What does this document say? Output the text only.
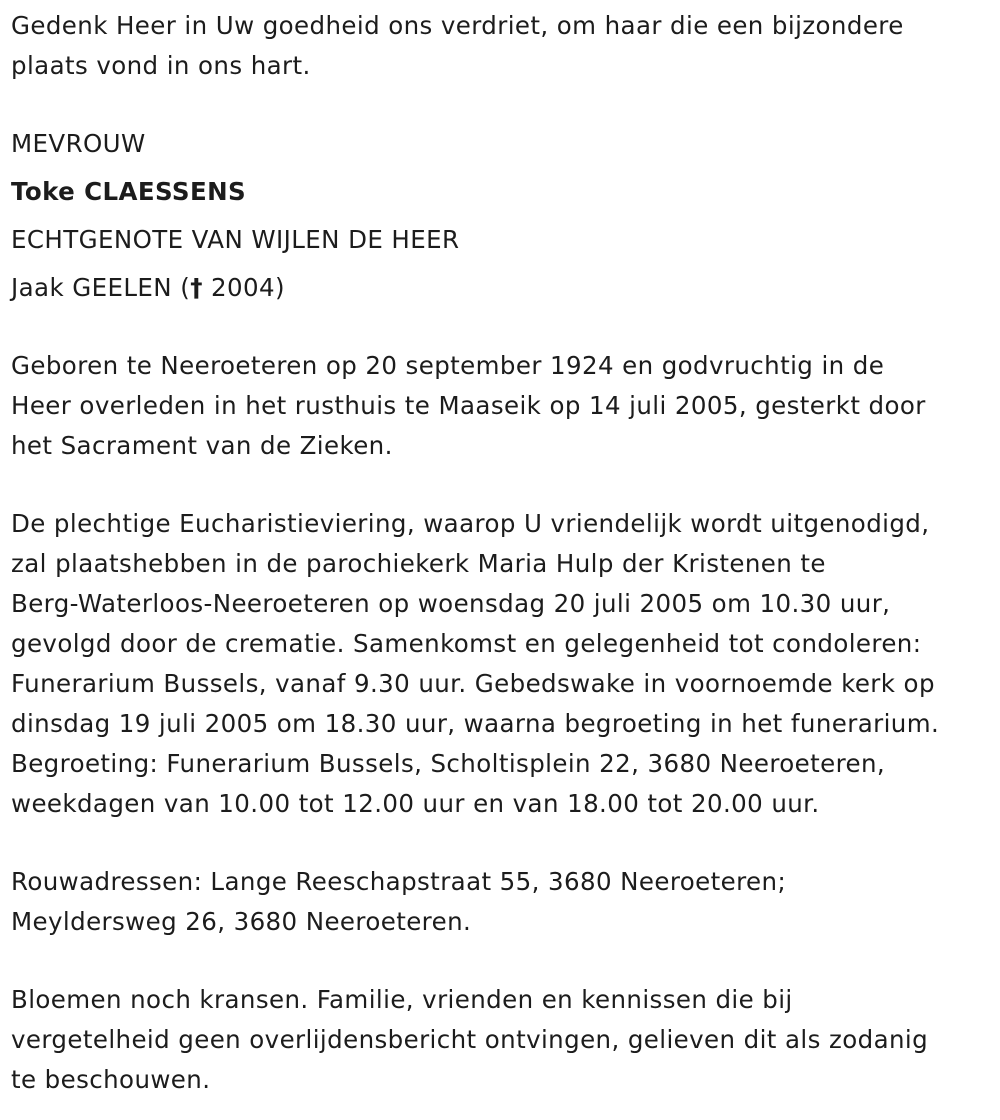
Gedenk Heer in Uw goedheid ons verdriet, om haar die een bijzondere

plaats vond in ons hart.

MEVROUW

Toke CLAESSENS

ECHTGENOTE VAN WIJLEN DE HEER

Jaak GEELEN († 2004)

Geboren te Neeroeteren op 20 september 1924 en godvruchtig in de

Heer overleden in het rusthuis te Maaseik op 14 juli 2005, gesterkt door

het Sacrament van de Zieken.

De plechtige Eucharistieviering, waarop U vriendelijk wordt uitgenodigd,

zal plaatshebben in de parochiekerk Maria Hulp der Kristenen te

Berg-Waterloos-Neeroeteren op woensdag 20 juli 2005 om 10.30 uur,

gevolgd door de crematie. Samenkomst en gelegenheid tot condoleren:

Funerarium Bussels, vanaf 9.30 uur. Gebedswake in voornoemde kerk op

dinsdag 19 juli 2005 om 18.30 uur, waarna begroeting in het funerarium.

Begroeting: Funerarium Bussels, Scholtisplein 22, 3680 Neeroeteren,

weekdagen van 10.00 tot 12.00 uur en van 18.00 tot 20.00 uur.

Rouwadressen: Lange Reeschapstraat 55, 3680 Neeroeteren;

Meyldersweg 26, 3680 Neeroeteren.

Bloemen noch kransen. Familie, vrienden en kennissen die bij

vergetelheid geen overlijdensbericht ontvingen, gelieven dit als zodanig

te beschouwen.
